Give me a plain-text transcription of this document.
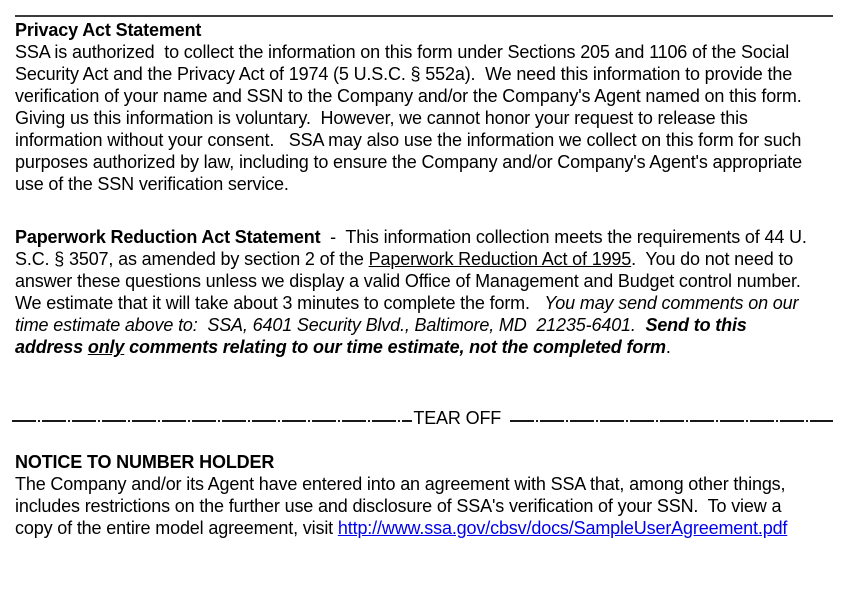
Privacy Act Statement
SSA is authorized  to collect the information on this form under Sections 205 and 1106 of the Social
Security Act and the Privacy Act of 1974 (5 U.S.C. § 552a).  We need this information to provide the
verification of your name and SSN to the Company and/or the Company's Agent named on this form.
Giving us this information is voluntary.  However, we cannot honor your request to release this
information without your consent.   SSA may also use the information we collect on this form for such
purposes authorized by law, including to ensure the Company and/or Company's Agent's appropriate
use of the SSN verification service.
Paperwork Reduction Act Statement  -  This information collection meets the requirements of 44 U.
S.C. § 3507, as amended by section 2 of the Paperwork Reduction Act of 1995.  You do not need to
answer these questions unless we display a valid Office of Management and Budget control number.
We estimate that it will take about 3 minutes to complete the form.   You may send comments on our
time estimate above to:  SSA, 6401 Security Blvd., Baltimore, MD  21235-6401. Send to this
address only comments relating to our time estimate, not the completed form.
TEAR OFF
NOTICE TO NUMBER HOLDER
The Company and/or its Agent have entered into an agreement with SSA that, among other things,
includes restrictions on the further use and disclosure of SSA's verification of your SSN.  To view a
copy of the entire model agreement, visit http://www.ssa.gov/cbsv/docs/SampleUserAgreement.pdf
